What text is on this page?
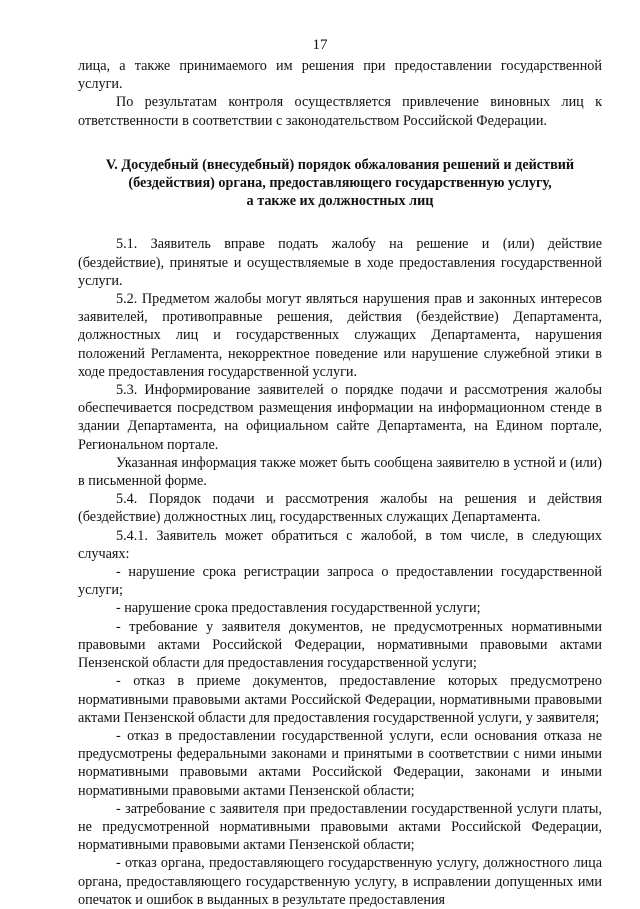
17

лица, а также принимаемого им решения при предоставлении государственной услуги.

По результатам контроля осуществляется привлечение виновных лиц к ответственности в соответствии с законодательством Российской Федерации.

V. Досудебный (внесудебный) порядок обжалования решений и действий
(бездействия) органа, предоставляющего государственную услугу,
а также их должностных лиц

5.1. Заявитель вправе подать жалобу на решение и (или) действие (бездействие), принятые и осуществляемые в ходе предоставления государственной услуги.

5.2. Предметом жалобы могут являться нарушения прав и законных интересов заявителей, противоправные решения, действия (бездействие) Департамента, должностных лиц и государственных служащих Департамента, нарушения положений Регламента, некорректное поведение или нарушение служебной этики в ходе предоставления государственной услуги.

5.3. Информирование заявителей о порядке подачи и рассмотрения жалобы обеспечивается посредством размещения информации на информационном стенде в здании Департамента, на официальном сайте Департамента, на Едином портале, Региональном портале.

Указанная информация также может быть сообщена заявителю в устной и (или) в письменной форме.

5.4. Порядок подачи и рассмотрения жалобы на решения и действия (бездействие) должностных лиц, государственных служащих Департамента.

5.4.1. Заявитель может обратиться с жалобой, в том числе, в следующих случаях:

- нарушение срока регистрации запроса о предоставлении государственной услуги;

- нарушение срока предоставления государственной услуги;

- требование у заявителя документов, не предусмотренных нормативными правовыми актами Российской Федерации, нормативными правовыми актами Пензенской области для предоставления государственной услуги;

- отказ в приеме документов, предоставление которых предусмотрено нормативными правовыми актами Российской Федерации, нормативными правовыми актами Пензенской области для предоставления государственной услуги, у заявителя;

- отказ в предоставлении государственной услуги, если основания отказа не предусмотрены федеральными законами и принятыми в соответствии с ними иными нормативными правовыми актами Российской Федерации, законами и иными нормативными правовыми актами Пензенской области;

- затребование с заявителя при предоставлении государственной услуги платы, не предусмотренной нормативными правовыми актами Российской Федерации, нормативными правовыми актами Пензенской области;

- отказ органа, предоставляющего государственную услугу, должностного лица органа, предоставляющего государственную услугу, в исправлении допущенных ими опечаток и ошибок в выданных в результате предоставления
